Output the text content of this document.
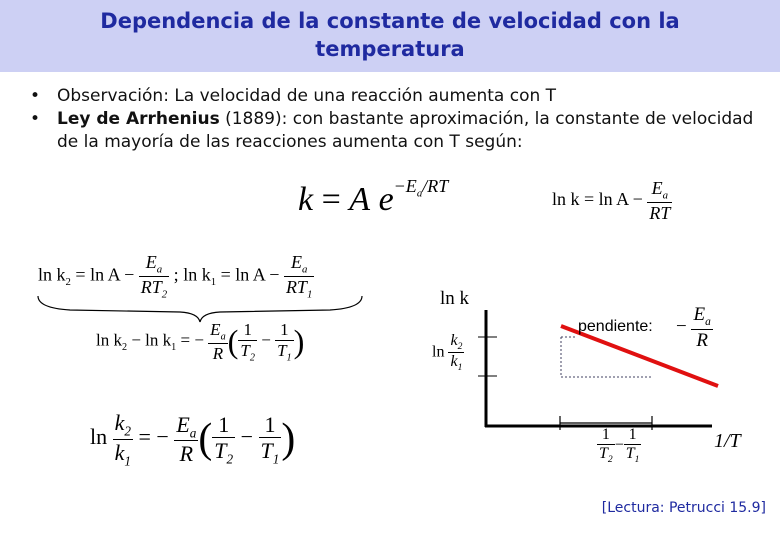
Dependencia de la constante de velocidad con la
temperatura

• Observación: La velocidad de una reacción aumenta con T

• Ley de Arrhenius (1889): con bastante aproximación, la constante de velocidad de la mayoría de las reacciones aumenta con T según:

k = A $e^{-E_a/RT}$
$\ln k = \ln A - \frac{E_a}{RT}$
$\ln k_2 = \ln A - \frac{E_a}{RT_2}$ ; $\ln k_1 = \ln A - \frac{E_a}{RT_1}$
$\ln k_2 - \ln k_1$ = − $\frac{E_a}{R}$ ( $\frac{1}{T_2} - \frac{1}{T_1}$ )
$\ln \frac{k_2}{k_1}$ = − $\frac{E_a}{R}$ ( $\frac{1}{T_2} - \frac{1}{T_1}$ )
ln k
$\ln \frac{k_2}{k_1}$
pendiente: − $\frac{E_a}{R}$
$\frac{1}{T_2} - \frac{1}{T_1}$	1/T
[Lectura: Petrucci 15.9]
